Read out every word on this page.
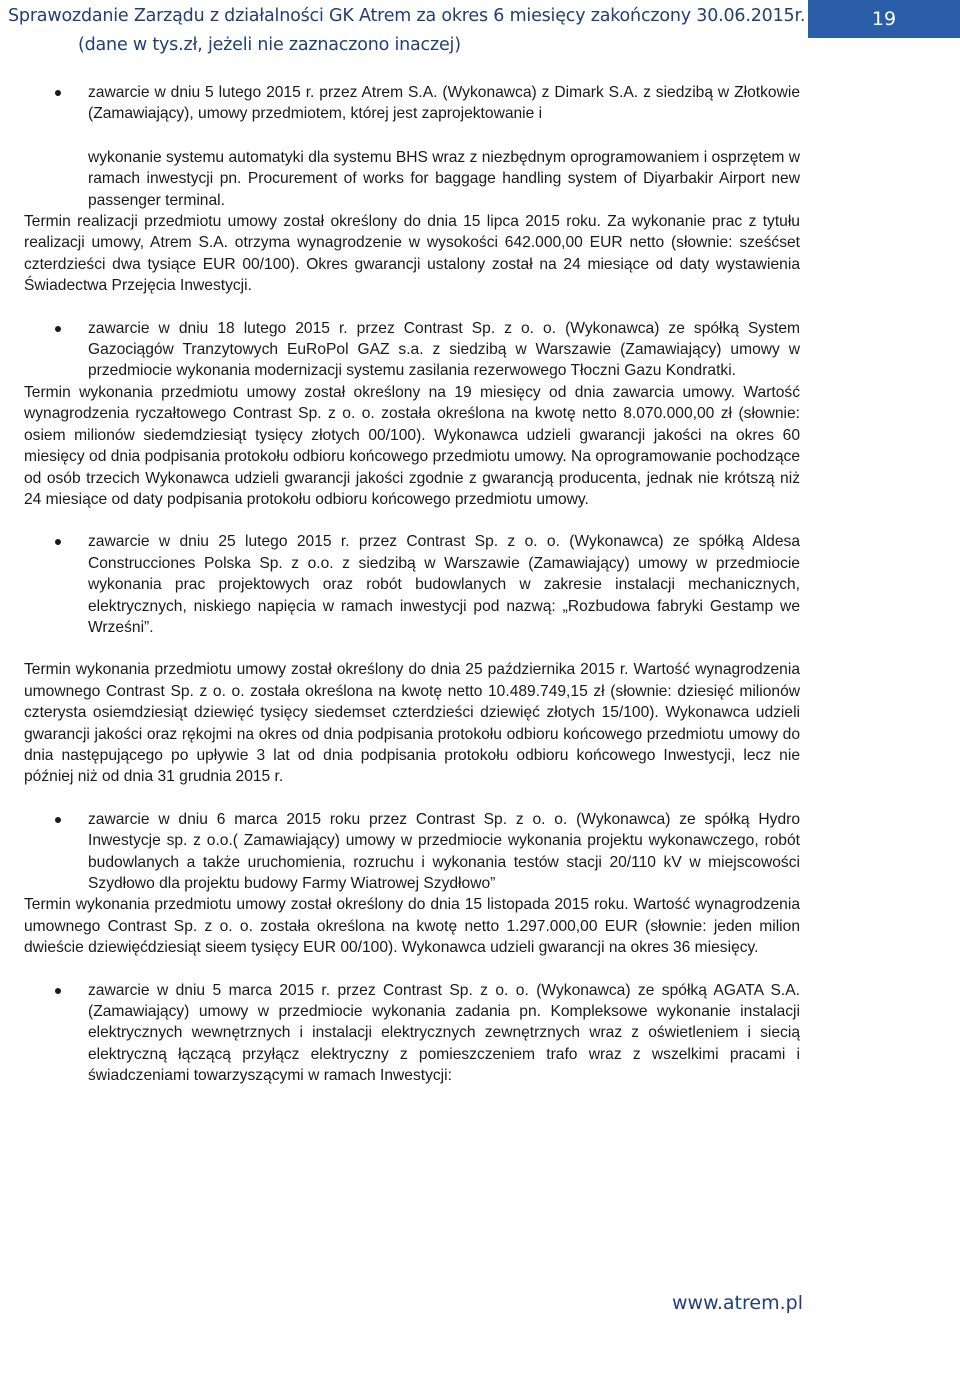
Sprawozdanie Zarządu z działalności GK Atrem za okres 6 miesięcy zakończony 30.06.2015r.
(dane w tys.zł, jeżeli nie zaznaczono inaczej)
19

zawarcie w dniu 5 lutego 2015 r. przez Atrem S.A. (Wykonawca) z Dimark S.A. z siedzibą w Złotkowie (Zamawiający), umowy przedmiotem, której jest zaprojektowanie i

wykonanie systemu automatyki dla systemu BHS wraz z niezbędnym oprogramowaniem i osprzętem w ramach inwestycji pn. Procurement of works for baggage handling system of Diyarbakir Airport new passenger terminal.

Termin realizacji przedmiotu umowy został określony do dnia 15 lipca 2015 roku. Za wykonanie prac z tytułu realizacji umowy, Atrem S.A. otrzyma wynagrodzenie w wysokości 642.000,00 EUR netto (słownie: sześćset czterdzieści dwa tysiące EUR 00/100). Okres gwarancji ustalony został na 24 miesiące od daty wystawienia Świadectwa Przejęcia Inwestycji.

zawarcie w dniu 18 lutego 2015 r. przez Contrast Sp. z o. o. (Wykonawca) ze spółką System Gazociągów Tranzytowych EuRoPol GAZ s.a. z siedzibą w Warszawie (Zamawiający) umowy w przedmiocie wykonania modernizacji systemu zasilania rezerwowego Tłoczni Gazu Kondratki.

Termin wykonania przedmiotu umowy został określony na 19 miesięcy od dnia zawarcia umowy. Wartość wynagrodzenia ryczałtowego Contrast Sp. z o. o. została określona na kwotę netto 8.070.000,00 zł (słownie: osiem milionów siedemdziesiąt tysięcy złotych 00/100). Wykonawca udzieli gwarancji jakości na okres 60 miesięcy od dnia podpisania protokołu odbioru końcowego przedmiotu umowy. Na oprogramowanie pochodzące od osób trzecich Wykonawca udzieli gwarancji jakości zgodnie z gwarancją producenta, jednak nie krótszą niż 24 miesiące od daty podpisania protokołu odbioru końcowego przedmiotu umowy.

zawarcie w dniu 25 lutego 2015 r. przez Contrast Sp. z o. o. (Wykonawca) ze spółką Aldesa Construcciones Polska Sp. z o.o. z siedzibą w Warszawie (Zamawiający) umowy w przedmiocie wykonania prac projektowych oraz robót budowlanych w zakresie instalacji mechanicznych, elektrycznych, niskiego napięcia w ramach inwestycji pod nazwą: „Rozbudowa fabryki Gestamp we Wrześni”.

Termin wykonania przedmiotu umowy został określony do dnia 25 października 2015 r. Wartość wynagrodzenia umownego Contrast Sp. z o. o. została określona na kwotę netto 10.489.749,15 zł (słownie: dziesięć milionów czterysta osiemdziesiąt dziewięć tysięcy siedemset czterdzieści dziewięć złotych 15/100). Wykonawca udzieli gwarancji jakości oraz rękojmi na okres od dnia podpisania protokołu odbioru końcowego przedmiotu umowy do dnia następującego po upływie 3 lat od dnia podpisania protokołu odbioru końcowego Inwestycji, lecz nie później niż od dnia 31 grudnia 2015 r.

zawarcie w dniu 6 marca 2015 roku przez Contrast Sp. z o. o. (Wykonawca) ze spółką Hydro Inwestycje sp. z o.o.( Zamawiający) umowy w przedmiocie wykonania projektu wykonawczego, robót budowlanych a także uruchomienia, rozruchu i wykonania testów stacji 20/110 kV w miejscowości Szydłowo dla projektu budowy Farmy Wiatrowej Szydłowo”

Termin wykonania przedmiotu umowy został określony do dnia 15 listopada 2015 roku. Wartość wynagrodzenia umownego Contrast Sp. z o. o. została określona na kwotę netto 1.297.000,00 EUR (słownie: jeden milion dwieście dziewięćdziesiąt sieem tysięcy EUR 00/100). Wykonawca udzieli gwarancji na okres 36 miesięcy.

zawarcie w dniu 5 marca 2015 r. przez Contrast Sp. z o. o. (Wykonawca) ze spółką AGATA S.A. (Zamawiający) umowy w przedmiocie wykonania zadania pn. Kompleksowe wykonanie instalacji elektrycznych wewnętrznych i instalacji elektrycznych zewnętrznych wraz z oświetleniem i siecią elektryczną łączącą przyłącz elektryczny z pomieszczeniem trafo wraz z wszelkimi pracami i świadczeniami towarzyszącymi w ramach Inwestycji:

www.atrem.pl
